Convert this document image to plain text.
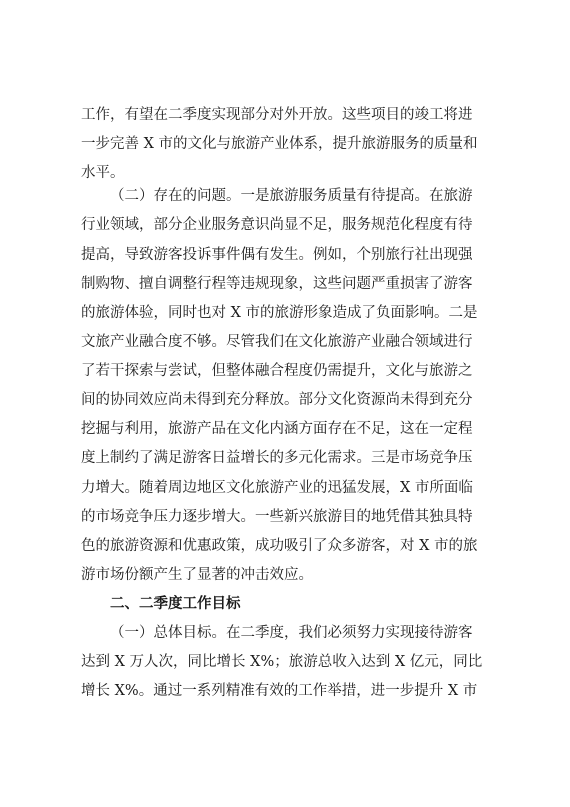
工作，有望在二季度实现部分对外开放。这些项目的竣工将进
一步完善 X 市的文化与旅游产业体系，提升旅游服务的质量和
水平。
（二）存在的问题。一是旅游服务质量有待提高。在旅游
行业领域，部分企业服务意识尚显不足，服务规范化程度有待
提高，导致游客投诉事件偶有发生。例如，个别旅行社出现强
制购物、擅自调整行程等违规现象，这些问题严重损害了游客
的旅游体验，同时也对 X 市的旅游形象造成了负面影响。二是
文旅产业融合度不够。尽管我们在文化旅游产业融合领域进行
了若干探索与尝试，但整体融合程度仍需提升，文化与旅游之
间的协同效应尚未得到充分释放。部分文化资源尚未得到充分
挖掘与利用，旅游产品在文化内涵方面存在不足，这在一定程
度上制约了满足游客日益增长的多元化需求。三是市场竞争压
力增大。随着周边地区文化旅游产业的迅猛发展，X 市所面临
的市场竞争压力逐步增大。一些新兴旅游目的地凭借其独具特
色的旅游资源和优惠政策，成功吸引了众多游客，对 X 市的旅
游市场份额产生了显著的冲击效应。
二、二季度工作目标
（一）总体目标。在二季度，我们必须努力实现接待游客
达到 X 万人次，同比增长 X%；旅游总收入达到 X 亿元，同比
增长 X%。通过一系列精准有效的工作举措，进一步提升 X 市
